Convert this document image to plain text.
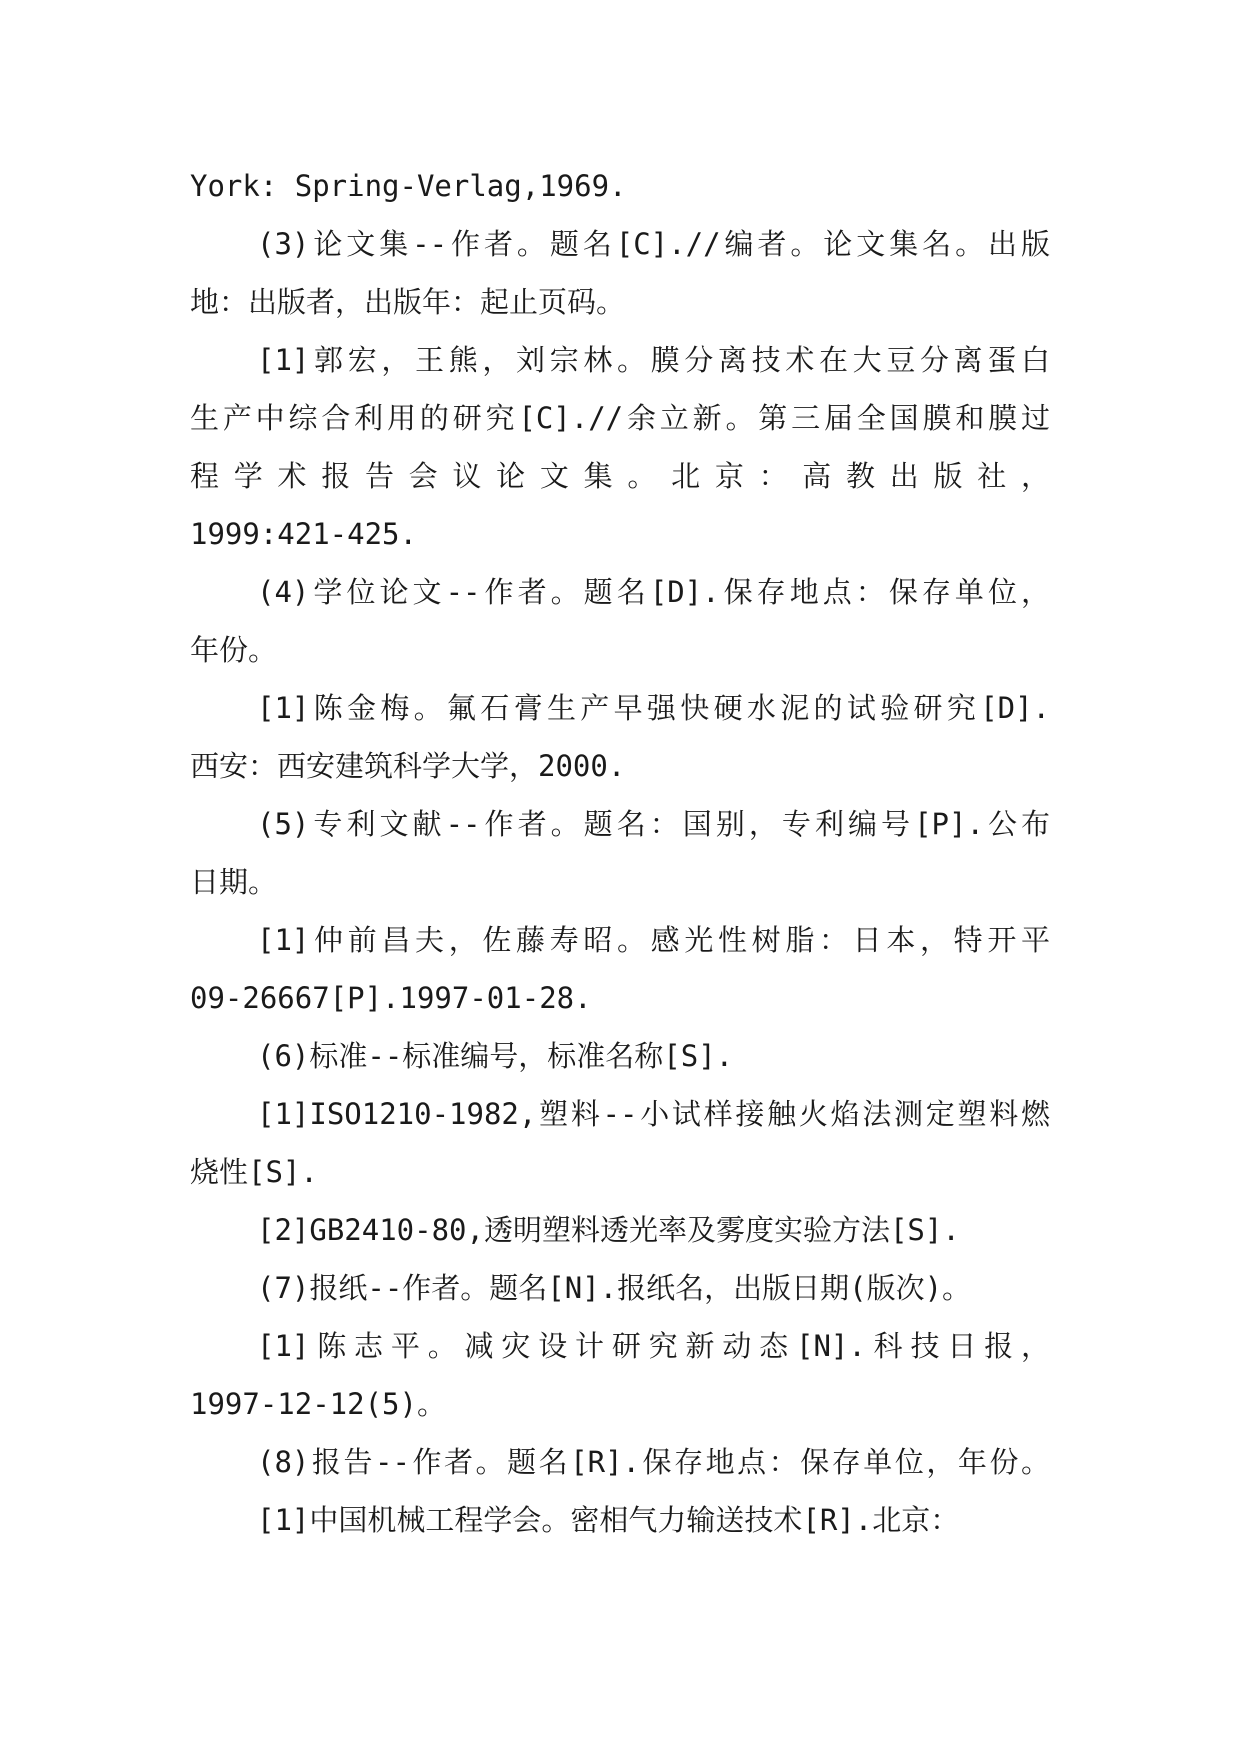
York: Spring-Verlag,1969.
(3)论文集--作者。题名[C].//编者。论文集名。出版
地：出版者，出版年：起止页码。
[1]郭宏，王熊，刘宗林。膜分离技术在大豆分离蛋白
生产中综合利用的研究[C].//余立新。第三届全国膜和膜过
程学术报告会议论文集。北京：高教出版社，
1999:421-425.
(4)学位论文--作者。题名[D].保存地点：保存单位，
年份。
[1]陈金梅。氟石膏生产早强快硬水泥的试验研究[D].
西安：西安建筑科学大学，2000.
(5)专利文献--作者。题名：国别，专利编号[P].公布
日期。
[1]仲前昌夫，佐藤寿昭。感光性树脂：日本，特开平
09-26667[P].1997-01-28.
(6)标准--标准编号，标准名称[S].
[1]ISO1210-1982,塑料--小试样接触火焰法测定塑料燃
烧性[S].
[2]GB2410-80,透明塑料透光率及雾度实验方法[S].
(7)报纸--作者。题名[N].报纸名，出版日期(版次)。
[1]陈志平。减灾设计研究新动态[N].科技日报，
1997-12-12(5)。
(8)报告--作者。题名[R].保存地点：保存单位，年份。
[1]中国机械工程学会。密相气力输送技术[R].北京：
